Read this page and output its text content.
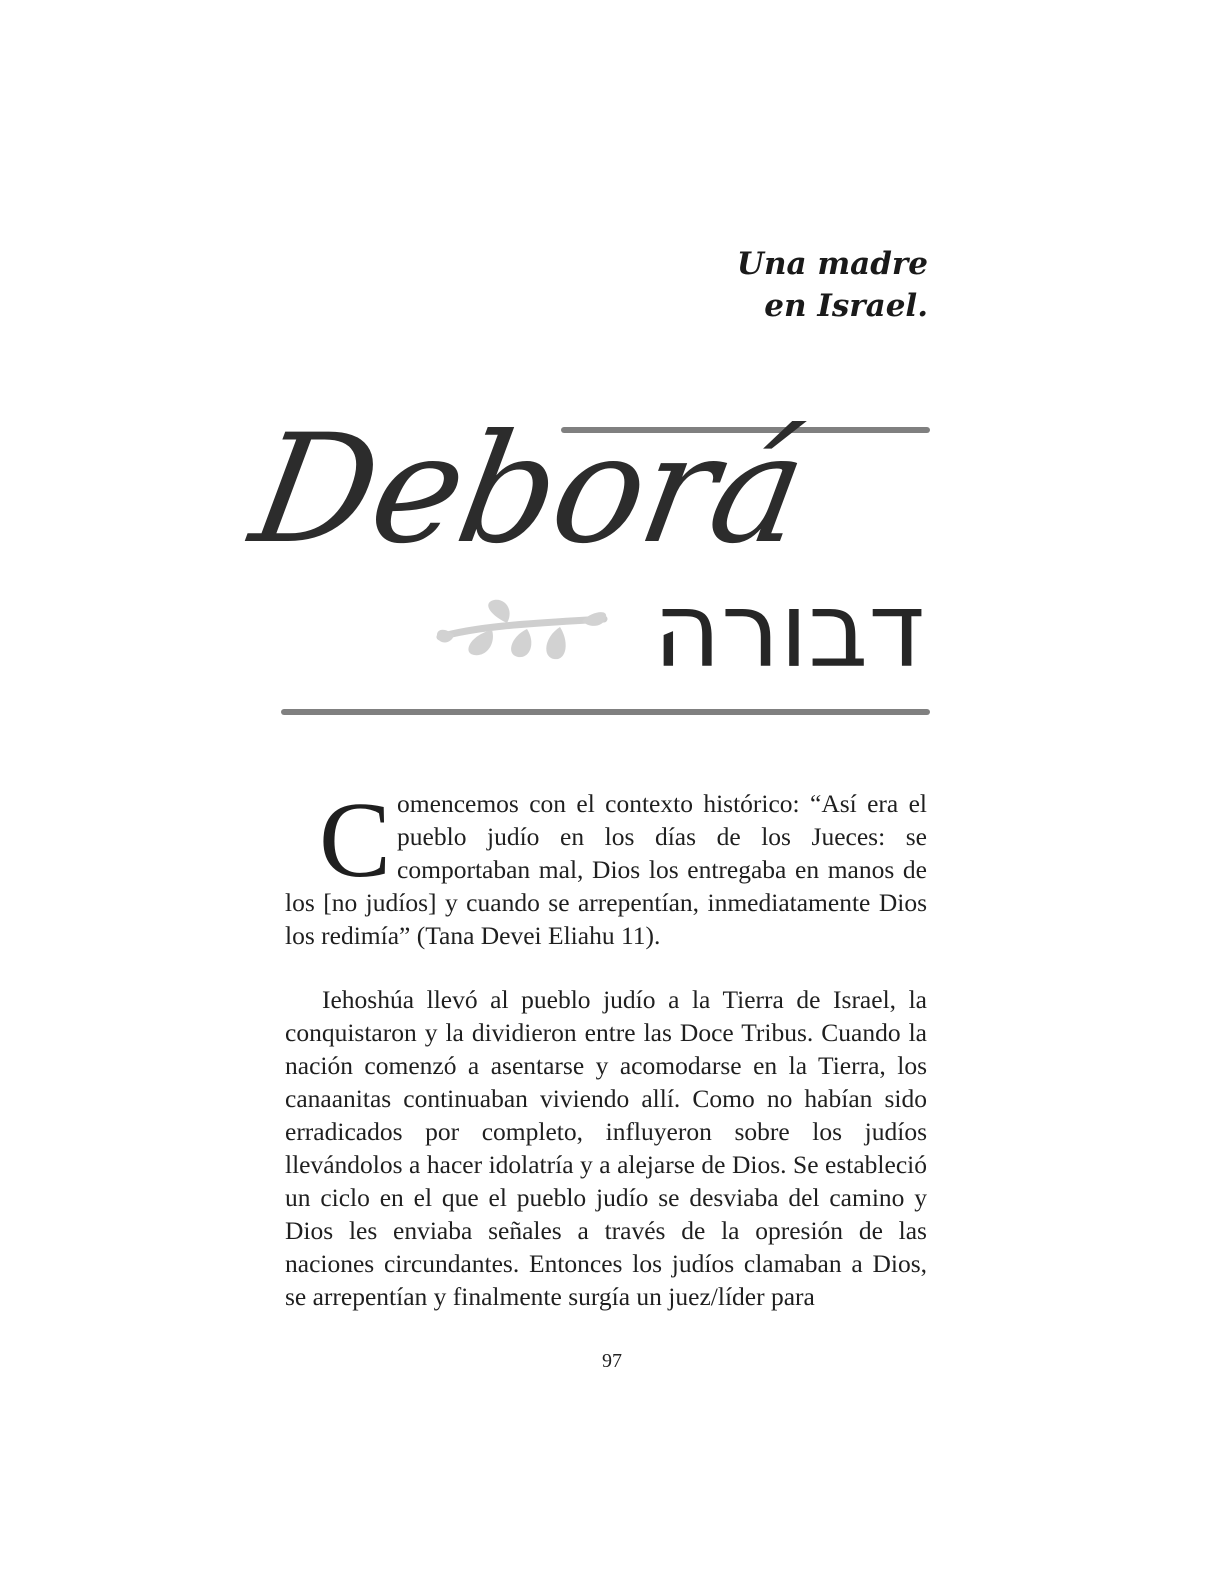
Una madre
en Israel.
Deborá
דבורה
C omencemos con el contexto histórico: “Así era el pueblo judío en los días de los Jueces: se comportaban mal, Dios los entregaba en manos de los [no judíos] y cuando se arrepentían, inmediatamente Dios los redimía” (Tana Devei Eliahu 11).
Iehoshúa llevó al pueblo judío a la Tierra de Israel, la conquistaron y la dividieron entre las Doce Tribus. Cuando la nación comenzó a asentarse y acomodarse en la Tierra, los canaanitas continuaban viviendo allí. Como no habían sido erradicados por completo, influyeron sobre los judíos llevándolos a hacer idolatría y a alejarse de Dios. Se estableció un ciclo en el que el pueblo judío se desviaba del camino y Dios les enviaba señales a través de la opresión de las naciones circundantes. Entonces los judíos clamaban a Dios, se arrepentían y finalmente surgía un juez/líder para
97
